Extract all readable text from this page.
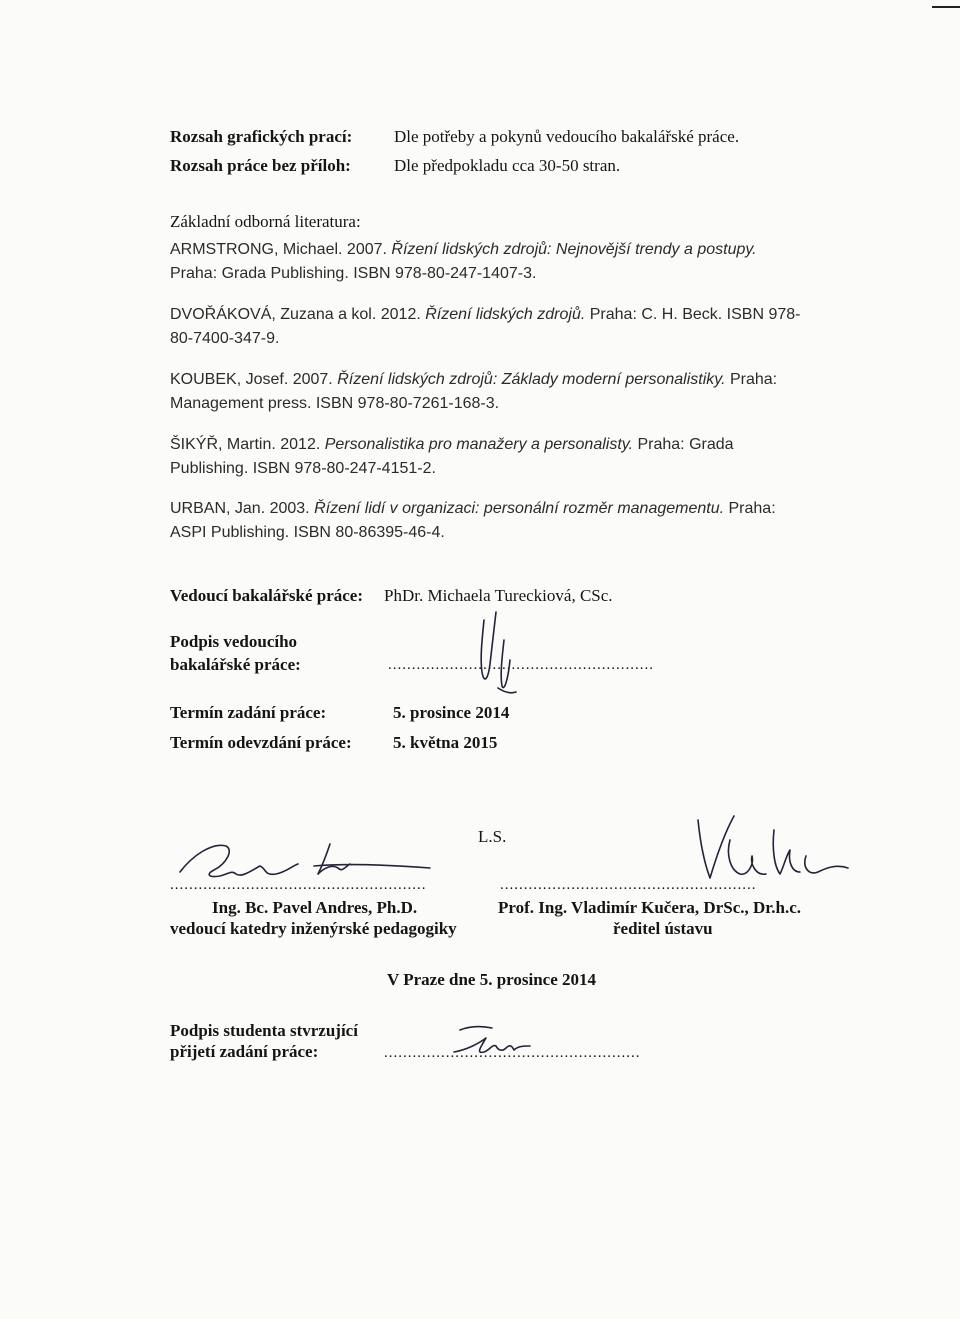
Rozsah grafických prací: Dle potřeby a pokynů vedoucího bakalářské práce.
Rozsah práce bez příloh:	Dle předpokladu cca 30-50 stran.
Základní odborná literatura:
ARMSTRONG, Michael. 2007. Řízení lidských zdrojů: Nejnovější trendy a postupy.
Praha: Grada Publishing. ISBN 978-80-247-1407-3.
DVOŘÁKOVÁ, Zuzana a kol. 2012. Řízení lidských zdrojů. Praha: C. H. Beck. ISBN 978-80-7400-347-9.
KOUBEK, Josef. 2007. Řízení lidských zdrojů: Základy moderní personalistiky. Praha: Management press. ISBN 978-80-7261-168-3.
ŠIKÝŘ, Martin. 2012. Personalistika pro manažery a personalisty. Praha: Grada Publishing. ISBN 978-80-247-4151-2.
URBAN, Jan. 2003. Řízení lidí v organizaci: personální rozměr managementu. Praha: ASPI Publishing. ISBN 80-86395-46-4.
Vedoucí bakalářské práce: PhDr. Michaela Tureckiová, CSc.
Podpis vedoucího
bakalářské práce:	........................................................
Termín zadání práce:	5. prosince 2014
Termín odevzdání práce: 5. května 2015
L.S.
......................................................
Ing. Bc. Pavel Andres, Ph.D.
vedoucí katedry inženýrské pedagogiky
......................................................
Prof. Ing. Vladimír Kučera, DrSc., Dr.h.c.
ředitel ústavu
V Praze dne 5. prosince 2014
Podpis studenta stvrzující
přijetí zadání práce:	......................................................
